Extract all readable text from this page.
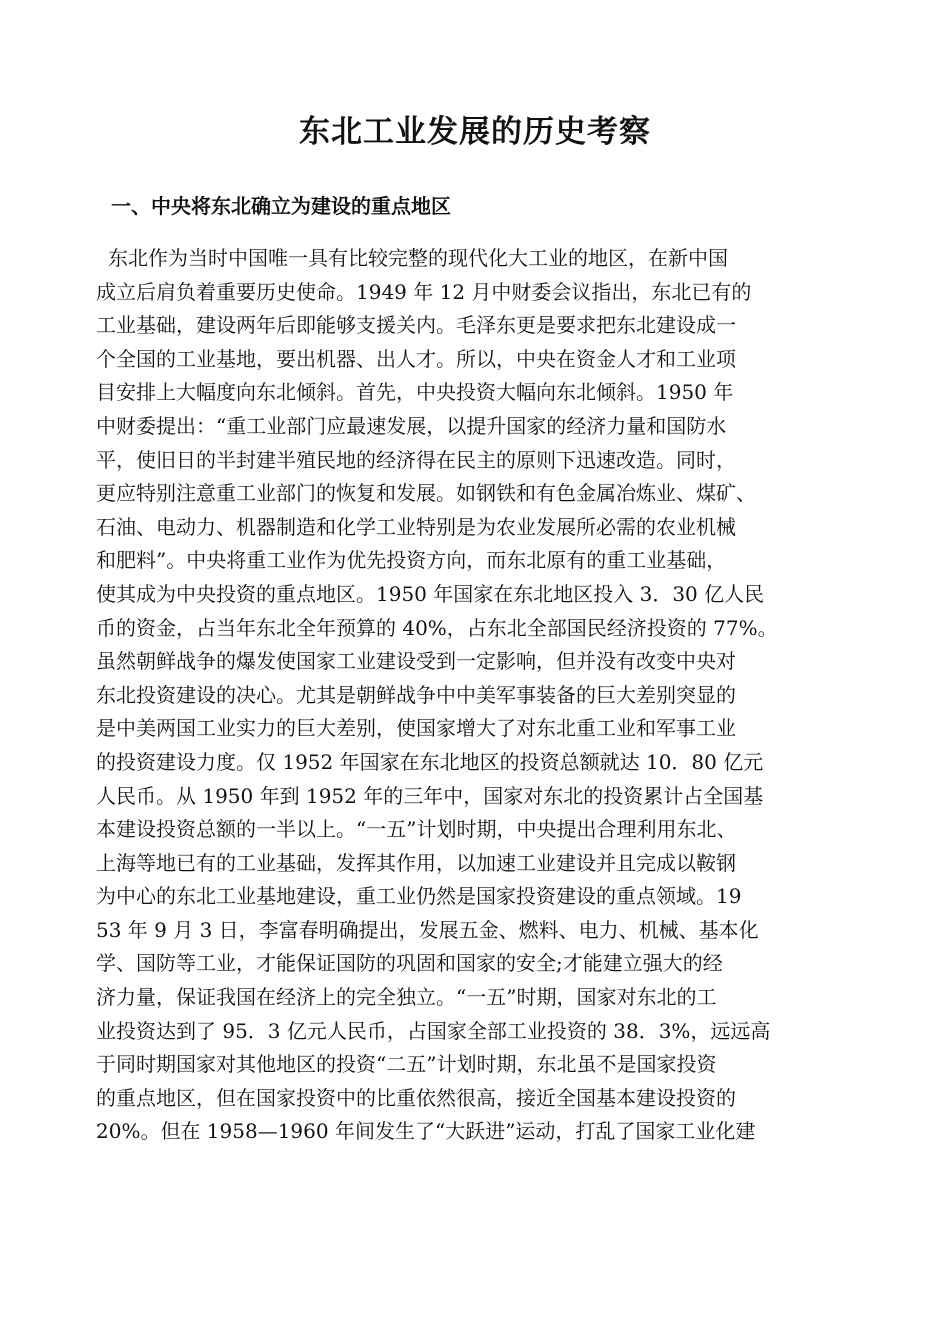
东北工业发展的历史考察
一、中央将东北确立为建设的重点地区
东北作为当时中国唯一具有比较完整的现代化大工业的地区，在新中国
成立后肩负着重要历史使命。1949 年 12 月中财委会议指出，东北已有的
工业基础，建设两年后即能够支援关内。毛泽东更是要求把东北建设成一
个全国的工业基地，要出机器、出人才。所以，中央在资金人才和工业项
目安排上大幅度向东北倾斜。首先，中央投资大幅向东北倾斜。1950 年
中财委提出：“重工业部门应最速发展，以提升国家的经济力量和国防水
平，使旧日的半封建半殖民地的经济得在民主的原则下迅速改造。同时，
更应特别注意重工业部门的恢复和发展。如钢铁和有色金属冶炼业、煤矿、
石油、电动力、机器制造和化学工业特别是为农业发展所必需的农业机械
和肥料”。中央将重工业作为优先投资方向，而东北原有的重工业基础，
使其成为中央投资的重点地区。1950 年国家在东北地区投入 3．30 亿人民
币的资金，占当年东北全年预算的 40%，占东北全部国民经济投资的 77%。
虽然朝鲜战争的爆发使国家工业建设受到一定影响，但并没有改变中央对
东北投资建设的决心。尤其是朝鲜战争中中美军事装备的巨大差别突显的
是中美两国工业实力的巨大差别，使国家增大了对东北重工业和军事工业
的投资建设力度。仅 1952 年国家在东北地区的投资总额就达 10．80 亿元
人民币。从 1950 年到 1952 年的三年中，国家对东北的投资累计占全国基
本建设投资总额的一半以上。“一五”计划时期，中央提出合理利用东北、
上海等地已有的工业基础，发挥其作用，以加速工业建设并且完成以鞍钢
为中心的东北工业基地建设，重工业仍然是国家投资建设的重点领域。19
53 年 9 月 3 日，李富春明确提出，发展五金、燃料、电力、机械、基本化
学、国防等工业，才能保证国防的巩固和国家的安全;才能建立强大的经
济力量，保证我国在经济上的完全独立。“一五”时期，国家对东北的工
业投资达到了 95．3 亿元人民币，占国家全部工业投资的 38．3%，远远高
于同时期国家对其他地区的投资“二五”计划时期，东北虽不是国家投资
的重点地区，但在国家投资中的比重依然很高，接近全国基本建设投资的
20%。但在 1958—1960 年间发生了“大跃进”运动，打乱了国家工业化建
